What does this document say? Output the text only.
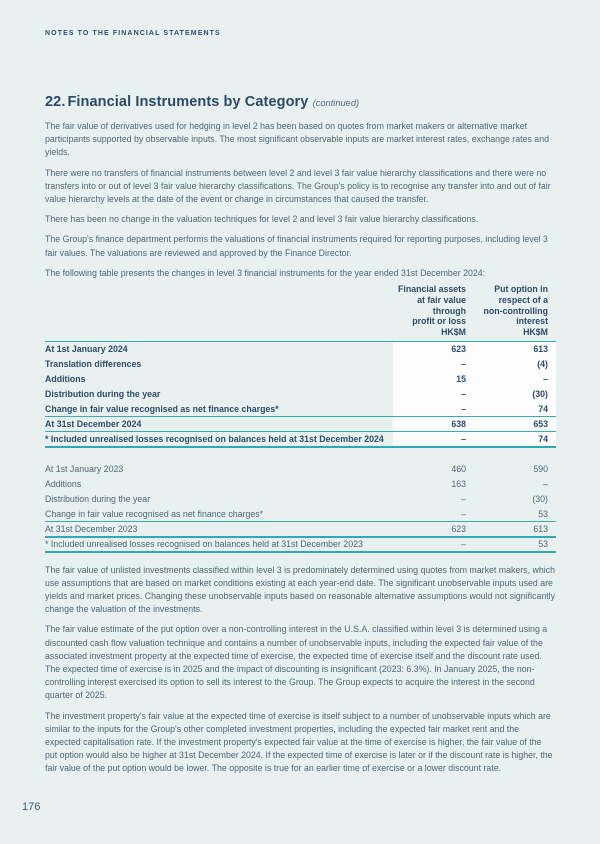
NOTES TO THE FINANCIAL STATEMENTS
22. Financial Instruments by Category (continued)

The fair value of derivatives used for hedging in level 2 has been based on quotes from market makers or alternative market participants supported by observable inputs. The most significant observable inputs are market interest rates, exchange rates and yields.

There were no transfers of financial instruments between level 2 and level 3 fair value hierarchy classifications and there were no transfers into or out of level 3 fair value hierarchy classifications. The Group's policy is to recognise any transfer into and out of fair value hierarchy levels at the date of the event or change in circumstances that caused the transfer.

There has been no change in the valuation techniques for level 2 and level 3 fair value hierarchy classifications.

The Group's finance department performs the valuations of financial instruments required for reporting purposes, including level 3 fair values. The valuations are reviewed and approved by the Finance Director.

The following table presents the changes in level 3 financial instruments for the year ended 31st December 2024:

Financial assets
at fair value
through
profit or loss
HK$M

Put option in
respect of a
non-controlling
interest
HK$M

At 1st January 2024	623	613
Translation differences	–	(4)
Additions	15	–
Distribution during the year	–	(30)
Change in fair value recognised as net finance charges*	–	74
At 31st December 2024	638	653
* Included unrealised losses recognised on balances held at 31st December 2024	–	74
At 1st January 2023	460	590
Additions	163	–
Distribution during the year	–	(30)
Change in fair value recognised as net finance charges*	–	53
At 31st December 2023	623	613
* Included unrealised losses recognised on balances held at 31st December 2023	–	53

The fair value of unlisted investments classified within level 3 is predominately determined using quotes from market makers, which use assumptions that are based on market conditions existing at each year-end date. The significant unobservable inputs used are yields and market prices. Changing these unobservable inputs based on reasonable alternative assumptions would not significantly change the valuation of the investments.

The fair value estimate of the put option over a non-controlling interest in the U.S.A. classified within level 3 is determined using a discounted cash flow valuation technique and contains a number of unobservable inputs, including the expected fair value of the associated investment property at the expected time of exercise, the expected time of exercise itself and the discount rate used. The expected time of exercise is in 2025 and the impact of discounting is insignificant (2023: 6.3%). In January 2025, the non-controlling interest exercised its option to sell its interest to the Group. The Group expects to acquire the interest in the second quarter of 2025.

The investment property's fair value at the expected time of exercise is itself subject to a number of unobservable inputs which are similar to the inputs for the Group's other completed investment properties, including the expected fair market rent and the expected capitalisation rate. If the investment property's expected fair value at the time of exercise is higher, the fair value of the put option would also be higher at 31st December 2024. If the expected time of exercise is later or if the discount rate is higher, the fair value of the put option would be lower. The opposite is true for an earlier time of exercise or a lower discount rate.

176
